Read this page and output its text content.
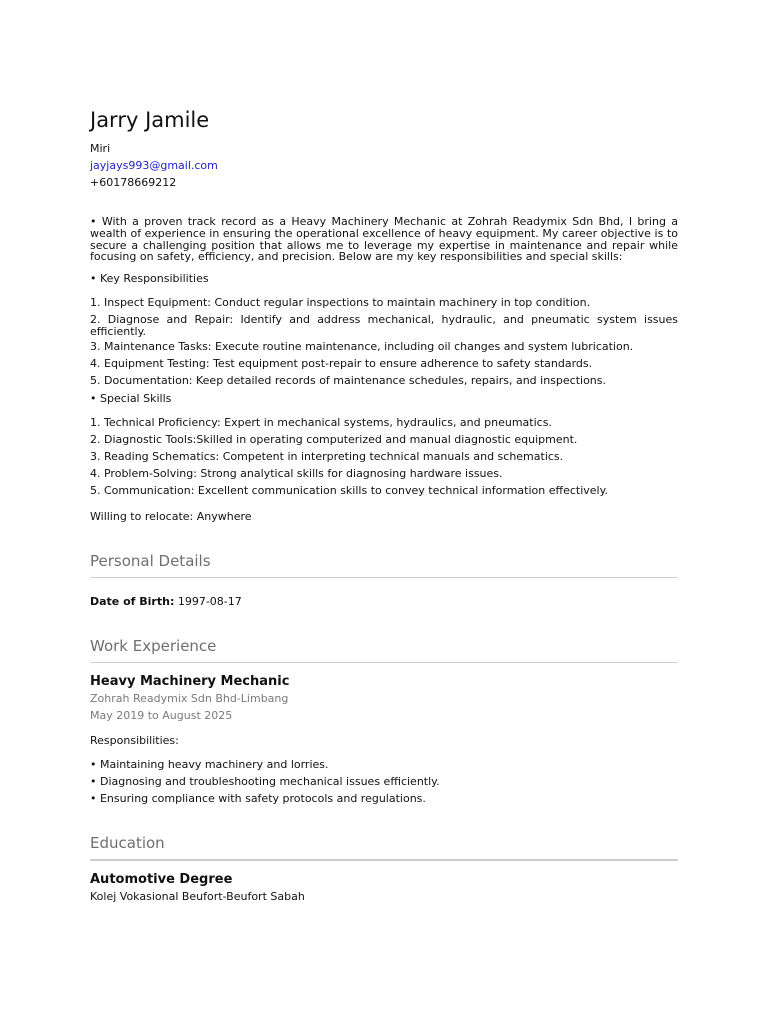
Jarry Jamile
Miri
jayjays993@gmail.com
+60178669212
• With a proven track record as a Heavy Machinery Mechanic at Zohrah Readymix Sdn Bhd, I bring a wealth of experience in ensuring the operational excellence of heavy equipment. My career objective is to secure a challenging position that allows me to leverage my expertise in maintenance and repair while focusing on safety, efficiency, and precision. Below are my key responsibilities and special skills:
• Key Responsibilities
1. Inspect Equipment: Conduct regular inspections to maintain machinery in top condition.
2. Diagnose and Repair: Identify and address mechanical, hydraulic, and pneumatic system issues efficiently.
3. Maintenance Tasks: Execute routine maintenance, including oil changes and system lubrication.
4. Equipment Testing: Test equipment post-repair to ensure adherence to safety standards.
5. Documentation: Keep detailed records of maintenance schedules, repairs, and inspections.
• Special Skills
1. Technical Proficiency: Expert in mechanical systems, hydraulics, and pneumatics.
2. Diagnostic Tools:Skilled in operating computerized and manual diagnostic equipment.
3. Reading Schematics: Competent in interpreting technical manuals and schematics.
4. Problem-Solving: Strong analytical skills for diagnosing hardware issues.
5. Communication: Excellent communication skills to convey technical information effectively.
Willing to relocate: Anywhere
Personal Details
Date of Birth: 1997-08-17
Work Experience
Heavy Machinery Mechanic
Zohrah Readymix Sdn Bhd-Limbang
May 2019 to August 2025
Responsibilities:
• Maintaining heavy machinery and lorries.
• Diagnosing and troubleshooting mechanical issues efficiently.
• Ensuring compliance with safety protocols and regulations.
Education
Automotive Degree
Kolej Vokasional Beufort-Beufort Sabah
